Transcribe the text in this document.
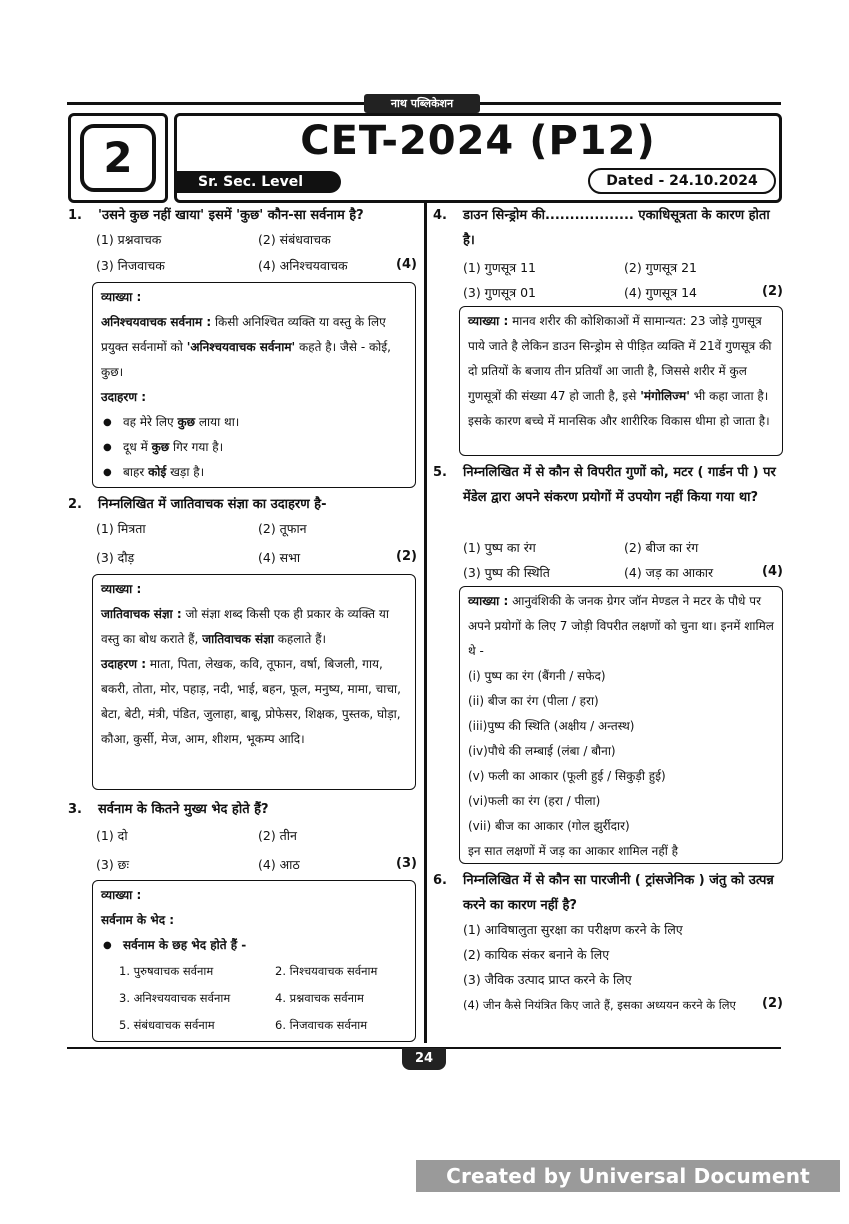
नाथ पब्लिकेशन
2	CET-2024 (P12)
Sr. Sec. Level	Dated - 24.10.2024
1.	'उसने कुछ नहीं खाया' इसमें 'कुछ' कौन-सा सर्वनाम है?
(1) प्रश्नवाचक	(2) संबंधवाचक
(3) निजवाचक	(4) अनिश्चयवाचक	(4)
व्याख्या :
अनिश्चयवाचक सर्वनाम : किसी अनिश्चित व्यक्ति या वस्तु के लिए प्रयुक्त सर्वनामों को 'अनिश्चयवाचक सर्वनाम' कहते है। जैसे - कोई, कुछ।
उदाहरण :
● वह मेरे लिए कुछ लाया था।
● दूध में कुछ गिर गया है।
● बाहर कोई खड़ा है।
2.	निम्नलिखित में जातिवाचक संज्ञा का उदाहरण है-
(1) मित्रता	(2) तूफान
(3) दौड़	(4) सभा	(2)
व्याख्या :
जातिवाचक संज्ञा : जो संज्ञा शब्द किसी एक ही प्रकार के व्यक्ति या वस्तु का बोध कराते हैं, जातिवाचक संज्ञा कहलाते हैं।
उदाहरण : माता, पिता, लेखक, कवि, तूफान, वर्षा, बिजली, गाय, बकरी, तोता, मोर, पहाड़, नदी, भाई, बहन, फूल, मनुष्य, मामा, चाचा, बेटा, बेटी, मंत्री, पंडित, जुलाहा, बाबू, प्रोफेसर, शिक्षक, पुस्तक, घोड़ा, कौआ, कुर्सी, मेज, आम, शीशम, भूकम्प आदि।
3.	सर्वनाम के कितने मुख्य भेद होते हैं?
(1) दो	(2) तीन
(3) छः	(4) आठ	(3)
व्याख्या :
सर्वनाम के भेद :
● सर्वनाम के छह भेद होते हैं -
1. पुरुषवाचक सर्वनाम	2. निश्चयवाचक सर्वनाम
3. अनिश्चयवाचक सर्वनाम	4. प्रश्नवाचक सर्वनाम
5. संबंधवाचक सर्वनाम	6. निजवाचक सर्वनाम
4.	डाउन सिन्ड्रोम की.................. एकाधिसूत्रता के कारण होता है।
(1) गुणसूत्र 11	(2) गुणसूत्र 21
(3) गुणसूत्र 01	(4) गुणसूत्र 14	(2)
व्याख्या : मानव शरीर की कोशिकाओं में सामान्यत: 23 जोड़े गुणसूत्र पाये जाते है लेकिन डाउन सिन्ड्रोम से पीड़ित व्यक्ति में 21वें गुणसूत्र की दो प्रतियों के बजाय तीन प्रतियाँ आ जाती है, जिससे शरीर में कुल गुणसूत्रों की संख्या 47 हो जाती है, इसे 'मंगोलिज्म' भी कहा जाता है। इसके कारण बच्चे में मानसिक और शारीरिक विकास धीमा हो जाता है।
5.	निम्नलिखित में से कौन से विपरीत गुणों को, मटर ( गार्डन पी ) पर मेंडेल द्वारा अपने संकरण प्रयोगों में उपयोग नहीं किया गया था?
(1) पुष्प का रंग	(2) बीज का रंग
(3) पुष्प की स्थिति	(4) जड़ का आकार	(4)
व्याख्या : आनुवंशिकी के जनक ग्रेगर जॉन मेण्डल ने मटर के पौधे पर अपने प्रयोगों के लिए 7 जोड़ी विपरीत लक्षणों को चुना था। इनमें शामिल थे -
(i) पुष्प का रंग (बैंगनी / सफेद)
(ii) बीज का रंग (पीला / हरा)
(iii)पुष्प की स्थिति (अक्षीय / अन्तस्थ)
(iv)पौधे की लम्बाई (लंबा / बौना)
(v) फली का आकार (फूली हुई / सिकुड़ी हुई)
(vi)फली का रंग (हरा / पीला)
(vii) बीज का आकार (गोल झुर्रीदार)
इन सात लक्षणों में जड़ का आकार शामिल नहीं है
6.	निम्नलिखित में से कौन सा पारजीनी ( ट्रांसजेनिक ) जंतु को उत्पन्न करने का कारण नहीं है?
(1) आविषालुता सुरक्षा का परीक्षण करने के लिए
(2) कायिक संकर बनाने के लिए
(3) जैविक उत्पाद प्राप्त करने के लिए
(4) जीन कैसे नियंत्रित किए जाते हैं, इसका अध्ययन करने के लिए (2)
24
Created by Universal Document Converter
